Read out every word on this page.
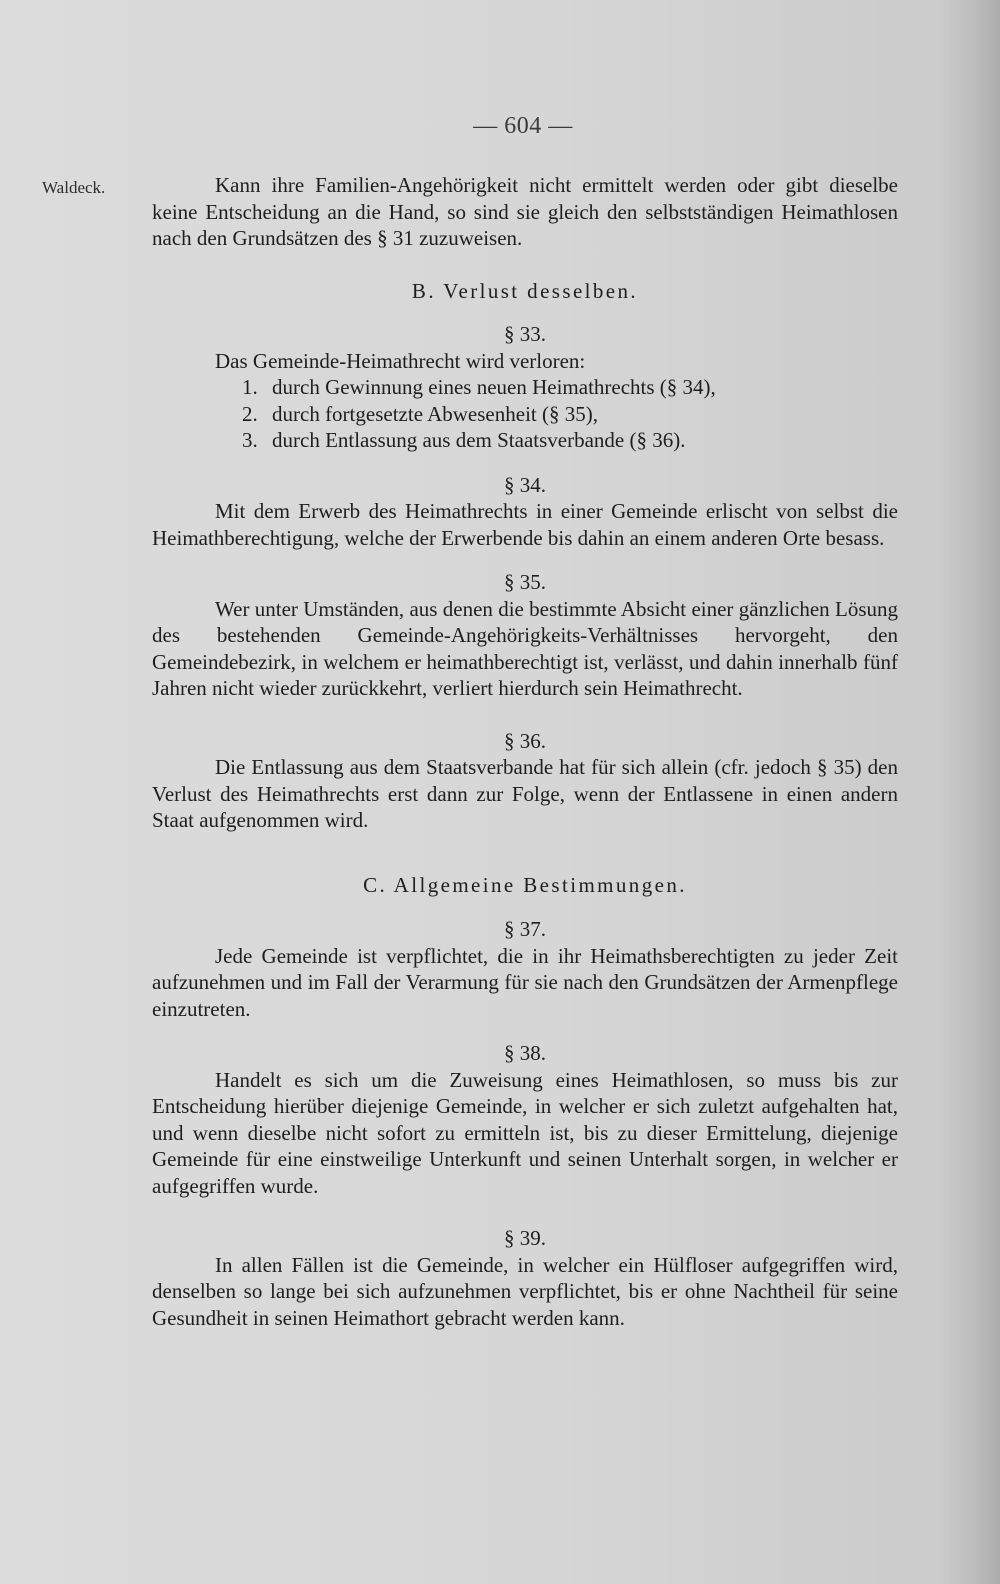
— 604 —
Waldeck.	Kann ihre Familien-Angehörigkeit nicht ermittelt werden oder gibt dieselbe keine Entscheidung an die Hand, so sind sie gleich den selbstständigen Heimathlosen nach den Grundsätzen des § 31 zuzuweisen.

B. Verlust desselben.

§ 33.

Das Gemeinde-Heimathrecht wird verloren:

1. durch Gewinnung eines neuen Heimathrechts (§ 34),

2. durch fortgesetzte Abwesenheit (§ 35),

3. durch Entlassung aus dem Staatsverbande (§ 36).

§ 34.

Mit dem Erwerb des Heimathrechts in einer Gemeinde erlischt von selbst die Heimathberechtigung, welche der Erwerbende bis dahin an einem anderen Orte besass.

§ 35.

Wer unter Umständen, aus denen die bestimmte Absicht einer gänzlichen Lösung des bestehenden Gemeinde-Angehörigkeits-Verhältnisses hervorgeht, den Gemeindebezirk, in welchem er heimathberechtigt ist, verlässt, und dahin innerhalb fünf Jahren nicht wieder zurückkehrt, verliert hierdurch sein Heimathrecht.

§ 36.

Die Entlassung aus dem Staatsverbande hat für sich allein (cfr. jedoch § 35) den Verlust des Heimathrechts erst dann zur Folge, wenn der Entlassene in einen andern Staat aufgenommen wird.

C. Allgemeine Bestimmungen.

§ 37.

Jede Gemeinde ist verpflichtet, die in ihr Heimathsberechtigten zu jeder Zeit aufzunehmen und im Fall der Verarmung für sie nach den Grundsätzen der Armenpflege einzutreten.

§ 38.

Handelt es sich um die Zuweisung eines Heimathlosen, so muss bis zur Entscheidung hierüber diejenige Gemeinde, in welcher er sich zuletzt aufgehalten hat, und wenn dieselbe nicht sofort zu ermitteln ist, bis zu dieser Ermittelung, diejenige Gemeinde für eine einstweilige Unterkunft und seinen Unterhalt sorgen, in welcher er aufgegriffen wurde.

§ 39.

In allen Fällen ist die Gemeinde, in welcher ein Hülfloser aufgegriffen wird, denselben so lange bei sich aufzunehmen verpflichtet, bis er ohne Nachtheil für seine Gesundheit in seinen Heimathort gebracht werden kann.
